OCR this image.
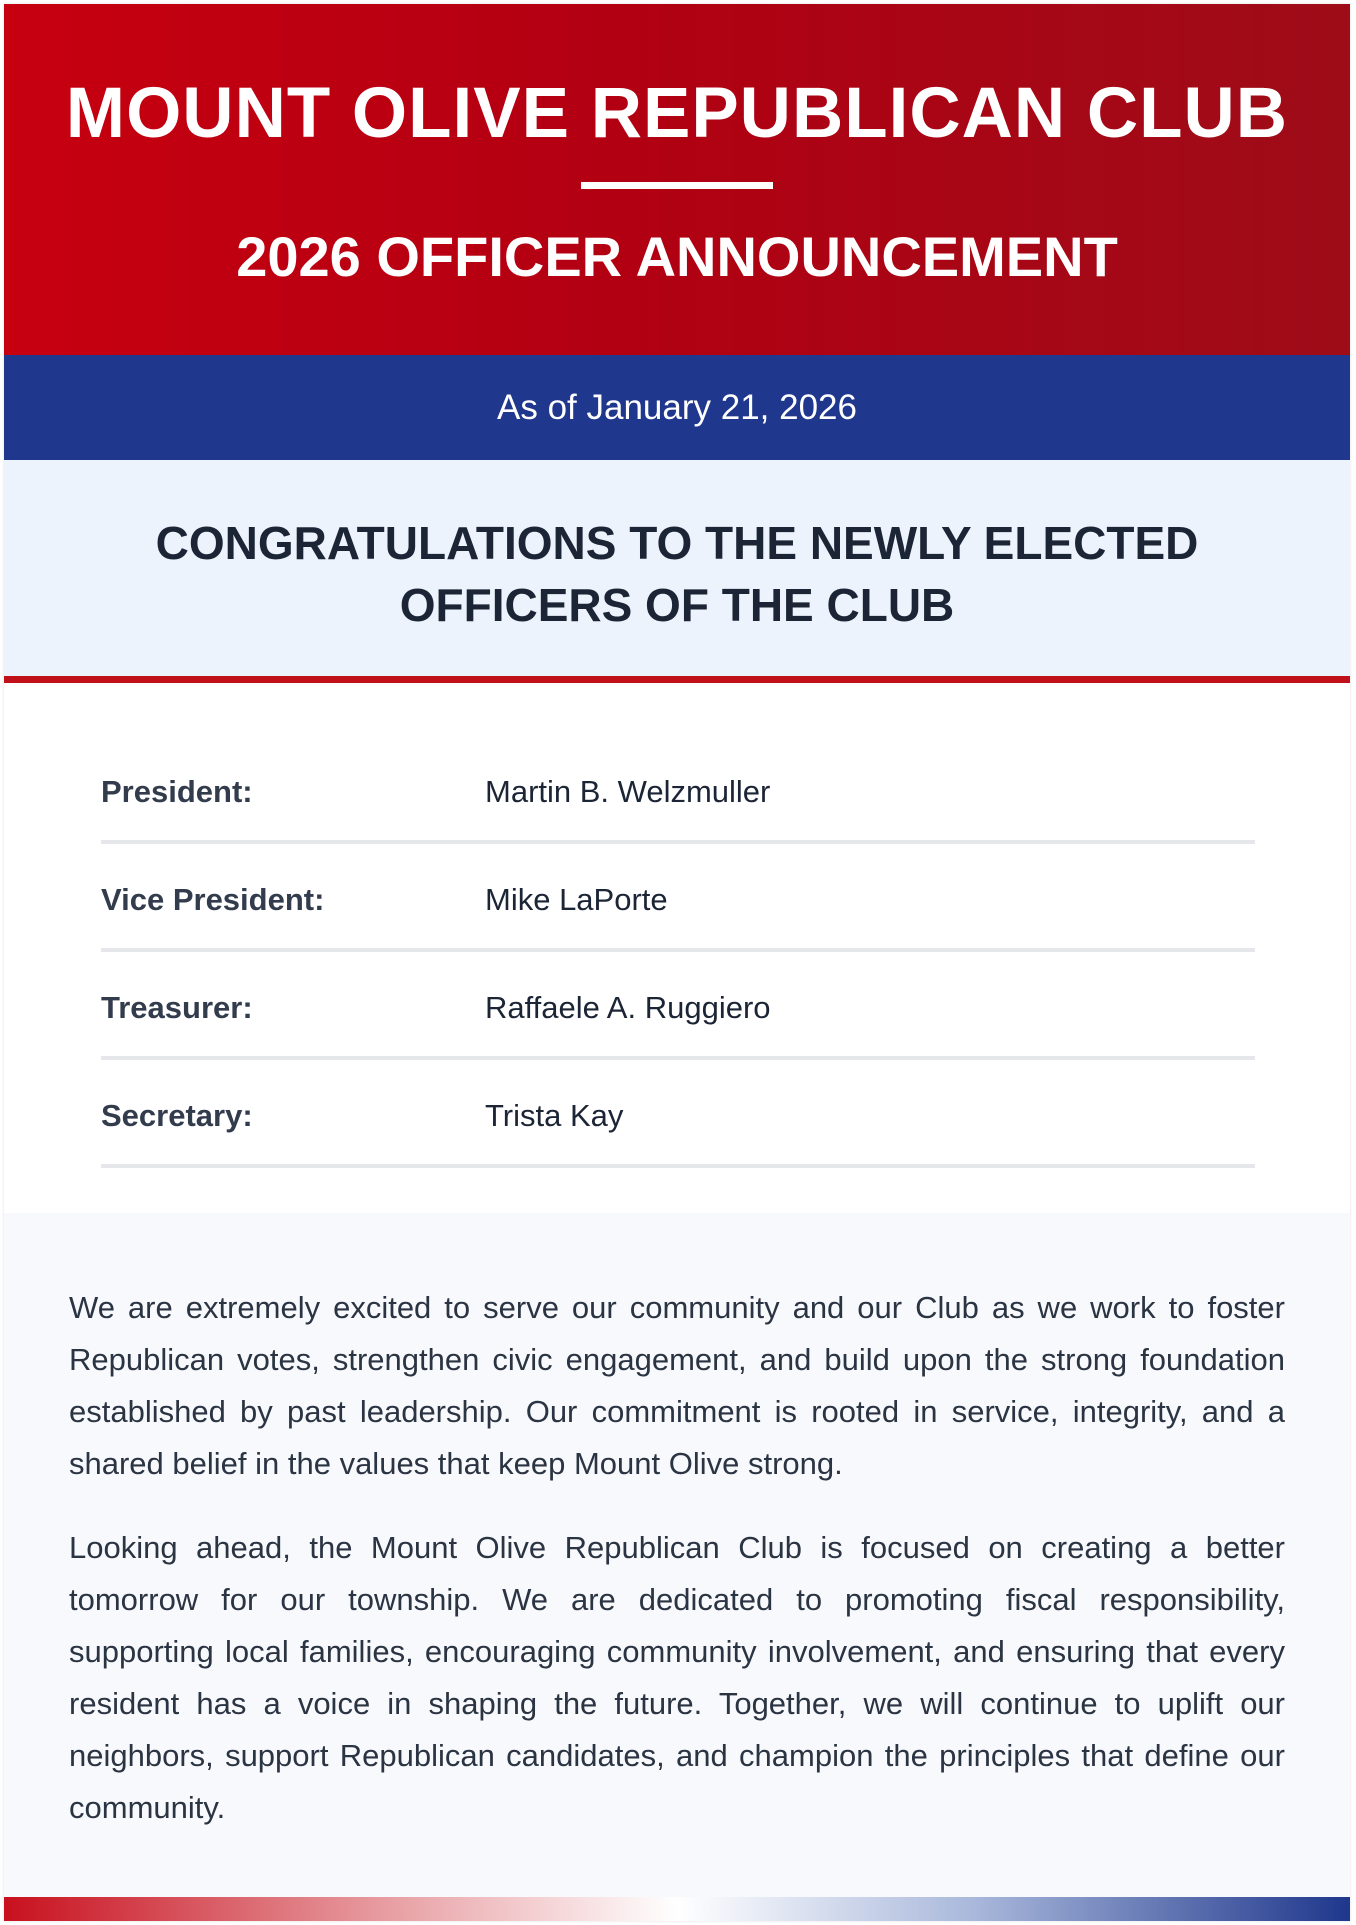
MOUNT OLIVE REPUBLICAN CLUB
2026 OFFICER ANNOUNCEMENT
As of January 21, 2026
CONGRATULATIONS TO THE NEWLY ELECTED OFFICERS OF THE CLUB
President:	Martin B. Welzmuller
Vice President:	Mike LaPorte
Treasurer:	Raffaele A. Ruggiero
Secretary:	Trista Kay

We are extremely excited to serve our community and our Club as we work to foster Republican votes, strengthen civic engagement, and build upon the strong foundation established by past leadership. Our commitment is rooted in service, integrity, and a shared belief in the values that keep Mount Olive strong.

Looking ahead, the Mount Olive Republican Club is focused on creating a better tomorrow for our township. We are dedicated to promoting fiscal responsibility, supporting local families, encouraging community involvement, and ensuring that every resident has a voice in shaping the future. Together, we will continue to uplift our neighbors, support Republican candidates, and champion the principles that define our community.
